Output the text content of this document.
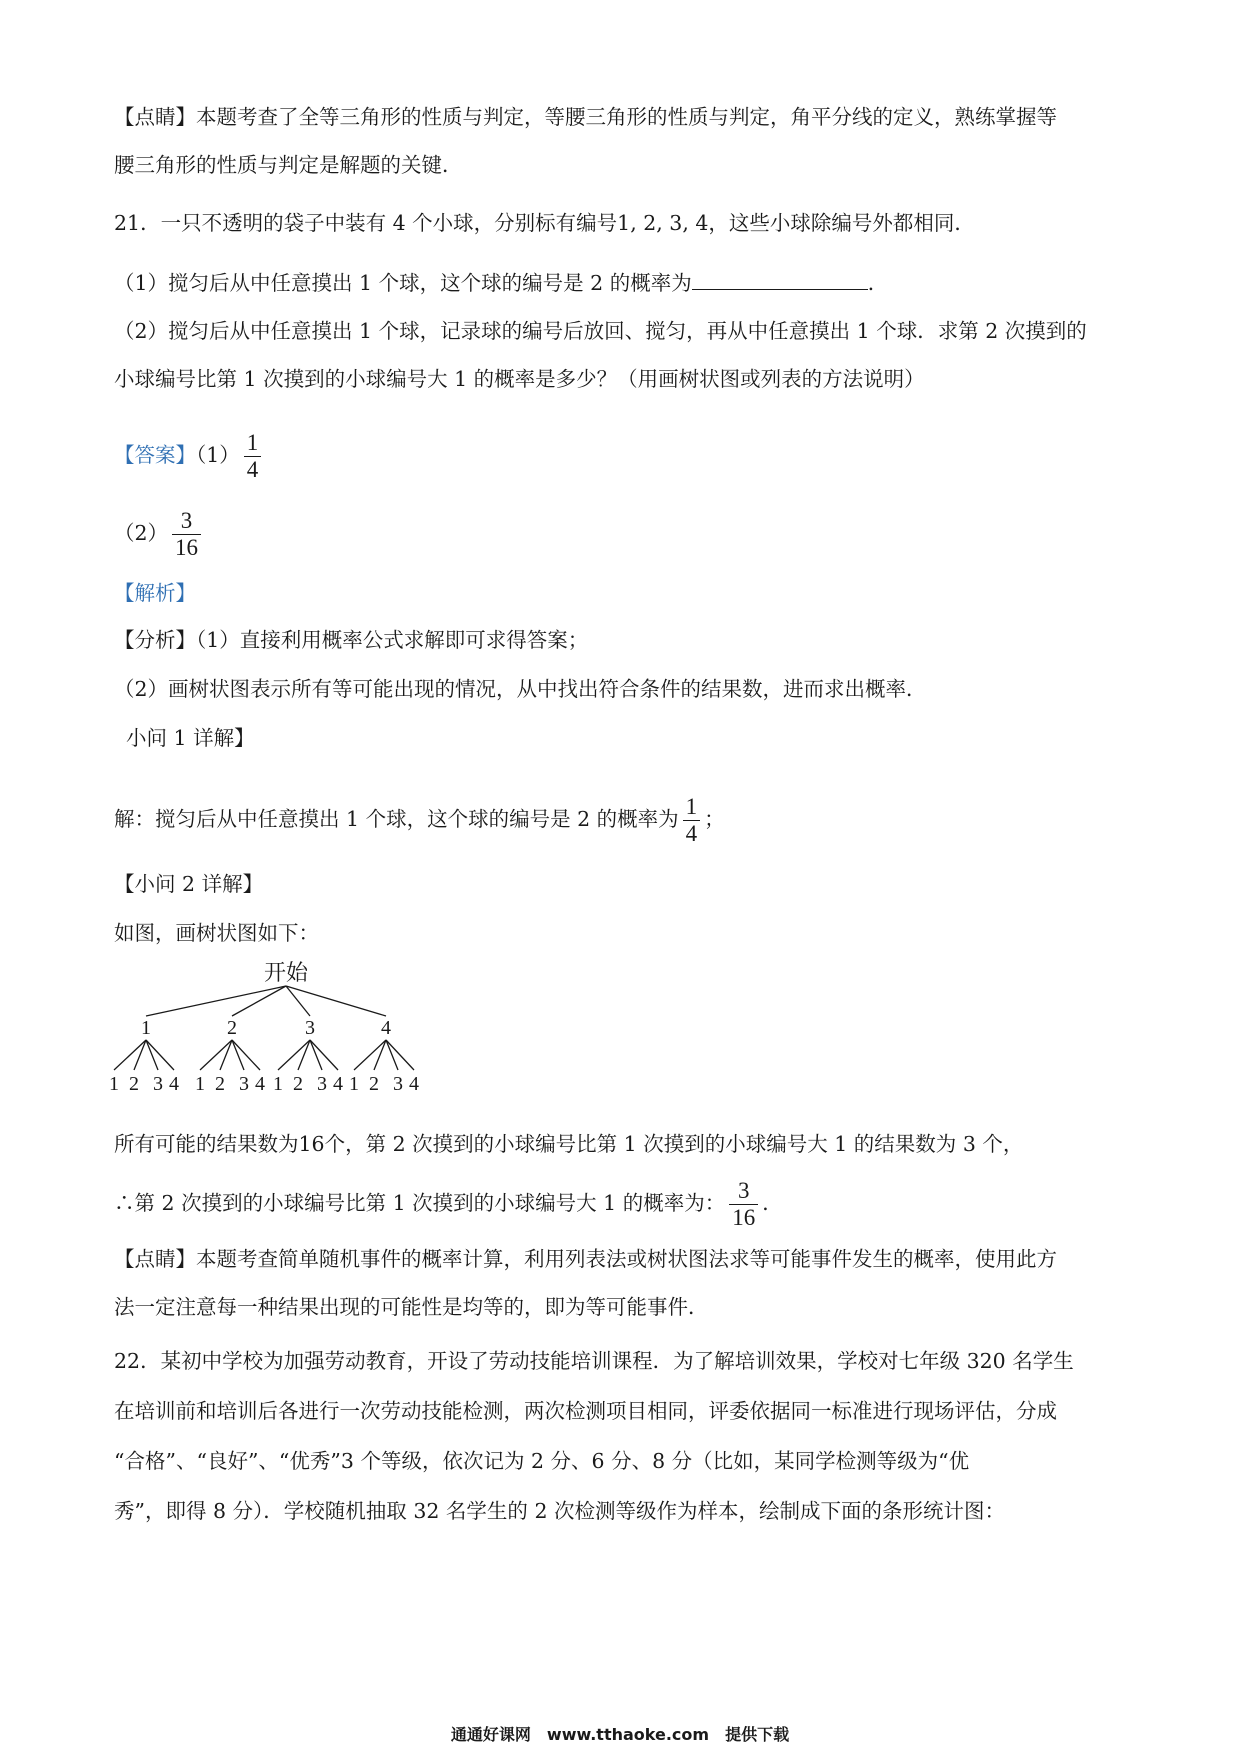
【点睛】本题考查了全等三角形的性质与判定，等腰三角形的性质与判定，角平分线的定义，熟练掌握等
腰三角形的性质与判定是解题的关键．
21．一只不透明的袋子中装有 4 个小球，分别标有编号1, 2, 3, 4，这些小球除编号外都相同．
（1）搅匀后从中任意摸出 1 个球，这个球的编号是 2 的概率为	．
（2）搅匀后从中任意摸出 1 个球，记录球的编号后放回、搅匀，再从中任意摸出 1 个球．求第 2 次摸到的
小球编号比第 1 次摸到的小球编号大 1 的概率是多少？（用画树状图或列表的方法说明）
【答案】$(1) \frac{1}{4}$
$(2) \frac{3}{16}$
【解析】
【分析】（1）直接利用概率公式求解即可求得答案；
（2）画树状图表示所有等可能出现的情况，从中找出符合条件的结果数，进而求出概率．
小问 1 详解】
解：搅匀后从中任意摸出 1 个球，这个球的编号是 2 的概率为 $\frac{1}{4}$ ；
【小问 2 详解】
如图，画树状图如下：
开始
1
1 2 3 4
2
1 2 3 4
3
1 2 3 4
4
1 2 3 4
所有可能的结果数为16个，第 2 次摸到的小球编号比第 1 次摸到的小球编号大 1 的结果数为 3 个，
∴第 2 次摸到的小球编号比第 1 次摸到的小球编号大 1 的概率为： $\frac{3}{16}$ ．
【点睛】本题考查简单随机事件的概率计算，利用列表法或树状图法求等可能事件发生的概率，使用此方
法一定注意每一种结果出现的可能性是均等的，即为等可能事件．
22．某初中学校为加强劳动教育，开设了劳动技能培训课程．为了解培训效果，学校对七年级 320 名学生
在培训前和培训后各进行一次劳动技能检测，两次检测项目相同，评委依据同一标准进行现场评估，分成
“合格”、“良好”、“优秀”3 个等级，依次记为 2 分、6 分、8 分（比如，某同学检测等级为“优
秀”，即得 8 分）．学校随机抽取 32 名学生的 2 次检测等级作为样本，绘制成下面的条形统计图：
通通好课网　www.tthaoke.com　提供下载
